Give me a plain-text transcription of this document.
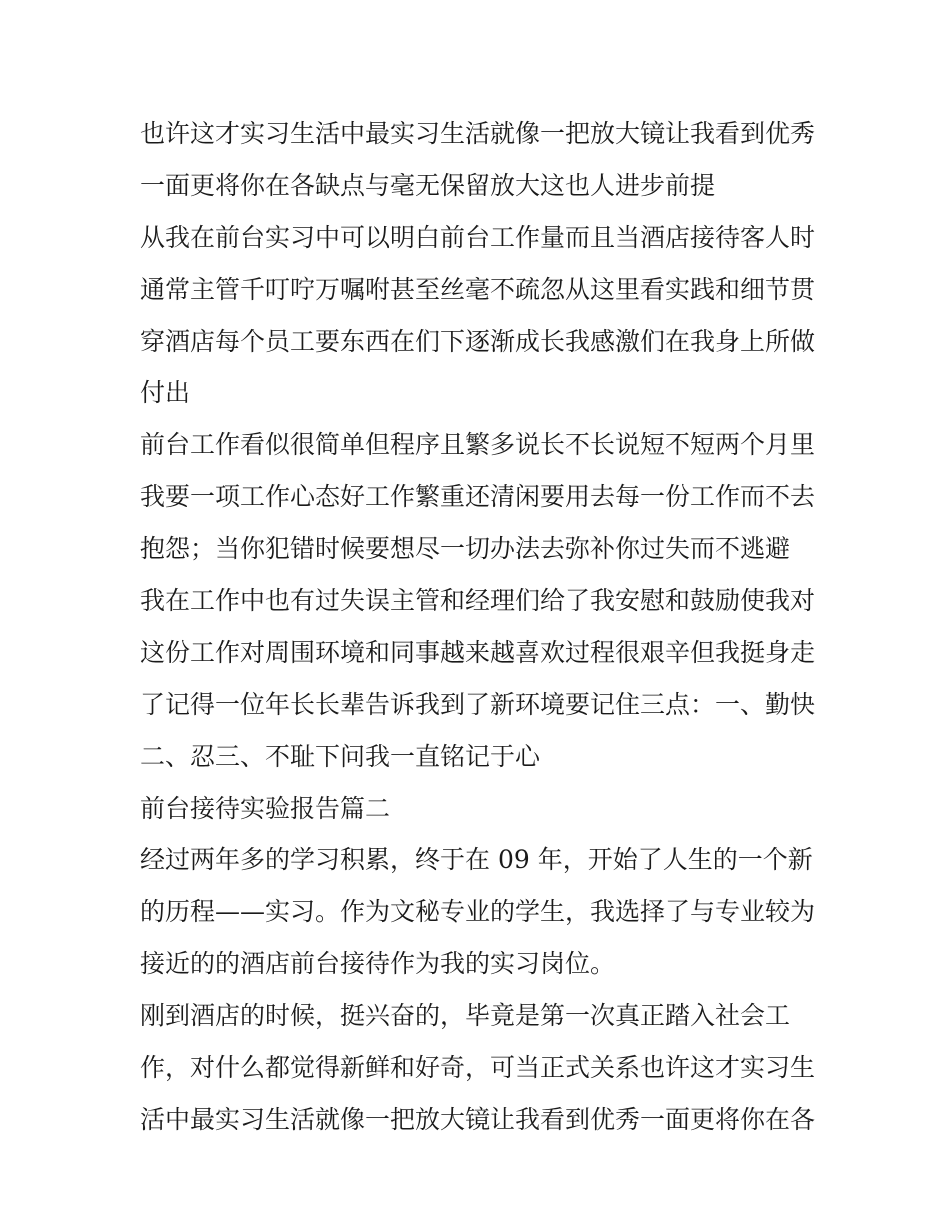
也许这才实习生活中最实习生活就像一把放大镜让我看到优秀
一面更将你在各缺点与毫无保留放大这也人进步前提
从我在前台实习中可以明白前台工作量而且当酒店接待客人时
通常主管千叮咛万嘱咐甚至丝毫不疏忽从这里看实践和细节贯
穿酒店每个员工要东西在们下逐渐成长我感激们在我身上所做
付出
前台工作看似很简单但程序且繁多说长不长说短不短两个月里
我要一项工作心态好工作繁重还清闲要用去每一份工作而不去
抱怨；当你犯错时候要想尽一切办法去弥补你过失而不逃避
我在工作中也有过失误主管和经理们给了我安慰和鼓励使我对
这份工作对周围环境和同事越来越喜欢过程很艰辛但我挺身走
了记得一位年长长辈告诉我到了新环境要记住三点：一、勤快
二、忍三、不耻下问我一直铭记于心
前台接待实验报告篇二
经过两年多的学习积累，终于在 09 年，开始了人生的一个新
的历程——实习。作为文秘专业的学生，我选择了与专业较为
接近的的酒店前台接待作为我的实习岗位。
刚到酒店的时候，挺兴奋的，毕竟是第一次真正踏入社会工
作，对什么都觉得新鲜和好奇，可当正式关系也许这才实习生
活中最实习生活就像一把放大镜让我看到优秀一面更将你在各
